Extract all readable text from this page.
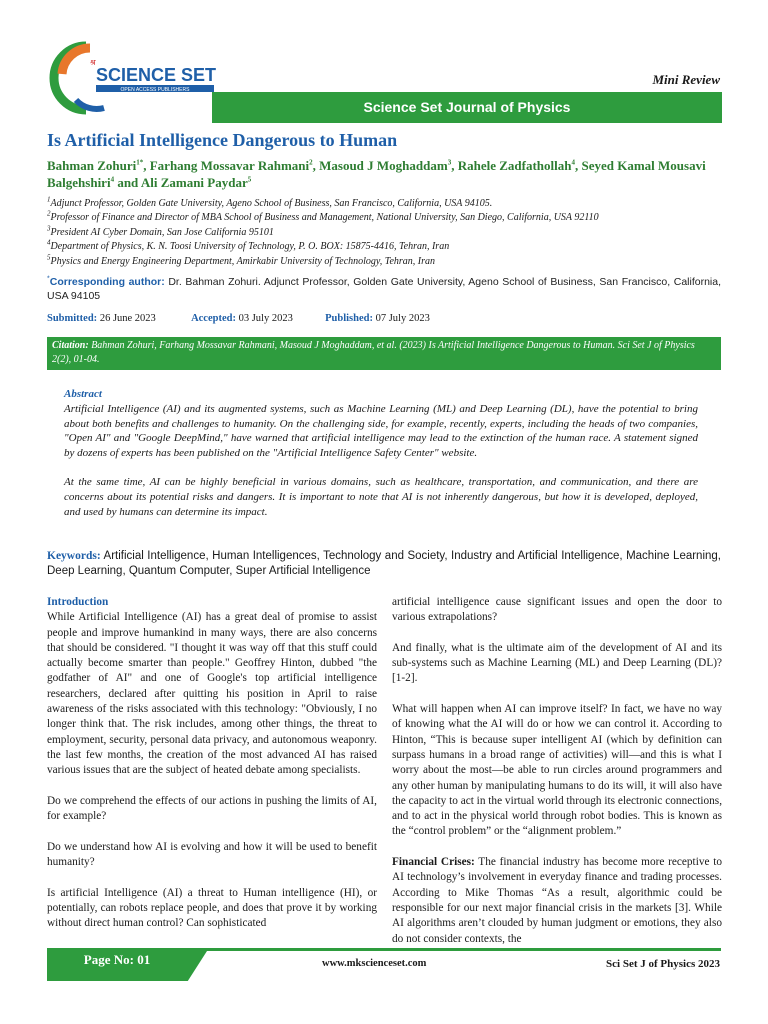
श्र
SCIENCE SET
OPEN ACCESS PUBLISHERS
Mini Review
Science Set Journal of Physics
Is Artificial Intelligence Dangerous to Human
Bahman Zohuri$^{1*}$, Farhang Mossavar Rahmani$^2$, Masoud J Moghaddam$^3$, Rahele Zadfathollah$^4$, Seyed Kamal Mousavi Balgehshiri$^4$ and Ali Zamani Paydar$^5$
$^1$Adjunct Professor, Golden Gate University, Ageno School of Business, San Francisco, California, USA 94105.
$^2$Professor of Finance and Director of MBA School of Business and Management, National University, San Diego, California, USA 92110
$^3$President AI Cyber Domain, San Jose California 95101
$^4$Department of Physics, K. N. Toosi University of Technology, P. O. BOX: 15875-4416, Tehran, Iran
$^5$Physics and Energy Engineering Department, Amirkabir University of Technology, Tehran, Iran
*Corresponding author: Dr. Bahman Zohuri. Adjunct Professor, Golden Gate University, Ageno School of Business, San Francisco, California, USA 94105
Submitted: 26 June 2023	Accepted: 03 July 2023	Published: 07 July 2023
Citation: Bahman Zohuri, Farhang Mossavar Rahmani, Masoud J Moghaddam, et al. (2023) Is Artificial Intelligence Dangerous to Human. Sci Set J of Physics 2(2), 01-04.
Abstract

Artificial Intelligence (AI) and its augmented systems, such as Machine Learning (ML) and Deep Learning (DL), have the potential to bring about both benefits and challenges to humanity. On the challenging side, for example, recently, experts, including the heads of two companies, "Open AI" and "Google DeepMind," have warned that artificial intelligence may lead to the extinction of the human race. A statement signed by dozens of experts has been published on the "Artificial Intelligence Safety Center" website.

At the same time, AI can be highly beneficial in various domains, such as healthcare, transportation, and communication, and there are concerns about its potential risks and dangers. It is important to note that AI is not inherently dangerous, but how it is developed, deployed, and used by humans can determine its impact.

Keywords: Artificial Intelligence, Human Intelligences, Technology and Society, Industry and Artificial Intelligence, Machine Learning, Deep Learning, Quantum Computer, Super Artificial Intelligence
Introduction

While Artificial Intelligence (AI) has a great deal of promise to assist people and improve humankind in many ways, there are also concerns that should be considered. "I thought it was way off that this stuff could actually become smarter than people." Geoffrey Hinton, dubbed "the godfather of AI" and one of Google's top artificial intelligence researchers, declared after quitting his position in April to raise awareness of the risks associated with this technology: "Obviously, I no longer think that. The risk includes, among other things, the threat to employment, security, personal data privacy, and autonomous weaponry. the last few months, the creation of the most advanced AI has raised various issues that are the subject of heated debate among specialists.

Do we comprehend the effects of our actions in pushing the limits of AI, for example?

Do we understand how AI is evolving and how it will be used to benefit humanity?

Is artificial Intelligence (AI) a threat to Human intelligence (HI), or potentially, can robots replace people, and does that prove it by working without direct human control? Can sophisticated

artificial intelligence cause significant issues and open the door to various extrapolations?

And finally, what is the ultimate aim of the development of AI and its sub-systems such as Machine Learning (ML) and Deep Learning (DL)? [1-2].

What will happen when AI can improve itself? In fact, we have no way of knowing what the AI will do or how we can control it. According to Hinton, “This is because super intelligent AI (which by definition can surpass humans in a broad range of activities) will—and this is what I worry about the most—be able to run circles around programmers and any other human by manipulating humans to do its will, it will also have the capacity to act in the virtual world through its electronic connections, and to act in the physical world through robot bodies. This is known as the “control problem” or the “alignment problem.”

Financial Crises: The financial industry has become more receptive to AI technology’s involvement in everyday finance and trading processes. According to Mike Thomas “As a result, algorithmic could be responsible for our next major financial crisis in the markets [3]. While AI algorithms aren’t clouded by human judgment or emotions, they also do not consider contexts, the

Page No: 01	www.mkscienceset.com	Sci Set J of Physics 2023
